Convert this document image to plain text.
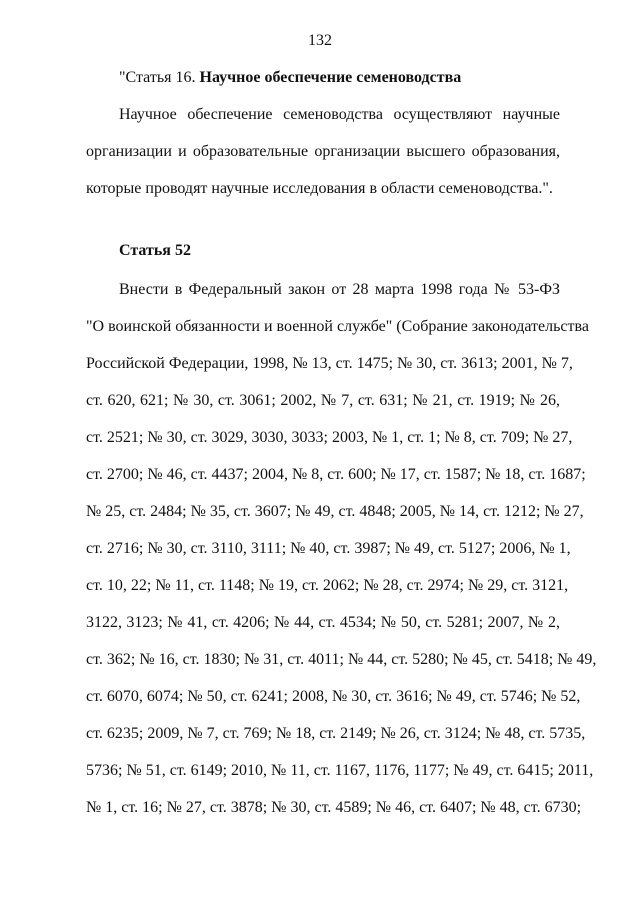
132
"Статья 16. Научное обеспечение семеноводства
Научное обеспечение семеноводства осуществляют научные
организации и образовательные организации высшего образования,
которые проводят научные исследования в области семеноводства.".
Статья 52
Внести в Федеральный закон от 28 марта 1998 года № 53-ФЗ
"О воинской обязанности и военной службе" (Собрание законодательства
Российской Федерации, 1998, № 13, ст. 1475; № 30, ст. 3613; 2001, № 7,
ст. 620, 621; № 30, ст. 3061; 2002, № 7, ст. 631; № 21, ст. 1919; № 26,
ст. 2521; № 30, ст. 3029, 3030, 3033; 2003, № 1, ст. 1; № 8, ст. 709; № 27,
ст. 2700; № 46, ст. 4437; 2004, № 8, ст. 600; № 17, ст. 1587; № 18, ст. 1687;
№ 25, ст. 2484; № 35, ст. 3607; № 49, ст. 4848; 2005, № 14, ст. 1212; № 27,
ст. 2716; № 30, ст. 3110, 3111; № 40, ст. 3987; № 49, ст. 5127; 2006, № 1,
ст. 10, 22; № 11, ст. 1148; № 19, ст. 2062; № 28, ст. 2974; № 29, ст. 3121,
3122, 3123; № 41, ст. 4206; № 44, ст. 4534; № 50, ст. 5281; 2007, № 2,
ст. 362; № 16, ст. 1830; № 31, ст. 4011; № 44, ст. 5280; № 45, ст. 5418; № 49,
ст. 6070, 6074; № 50, ст. 6241; 2008, № 30, ст. 3616; № 49, ст. 5746; № 52,
ст. 6235; 2009, № 7, ст. 769; № 18, ст. 2149; № 26, ст. 3124; № 48, ст. 5735,
5736; № 51, ст. 6149; 2010, № 11, ст. 1167, 1176, 1177; № 49, ст. 6415; 2011,
№ 1, ст. 16; № 27, ст. 3878; № 30, ст. 4589; № 46, ст. 6407; № 48, ст. 6730;
